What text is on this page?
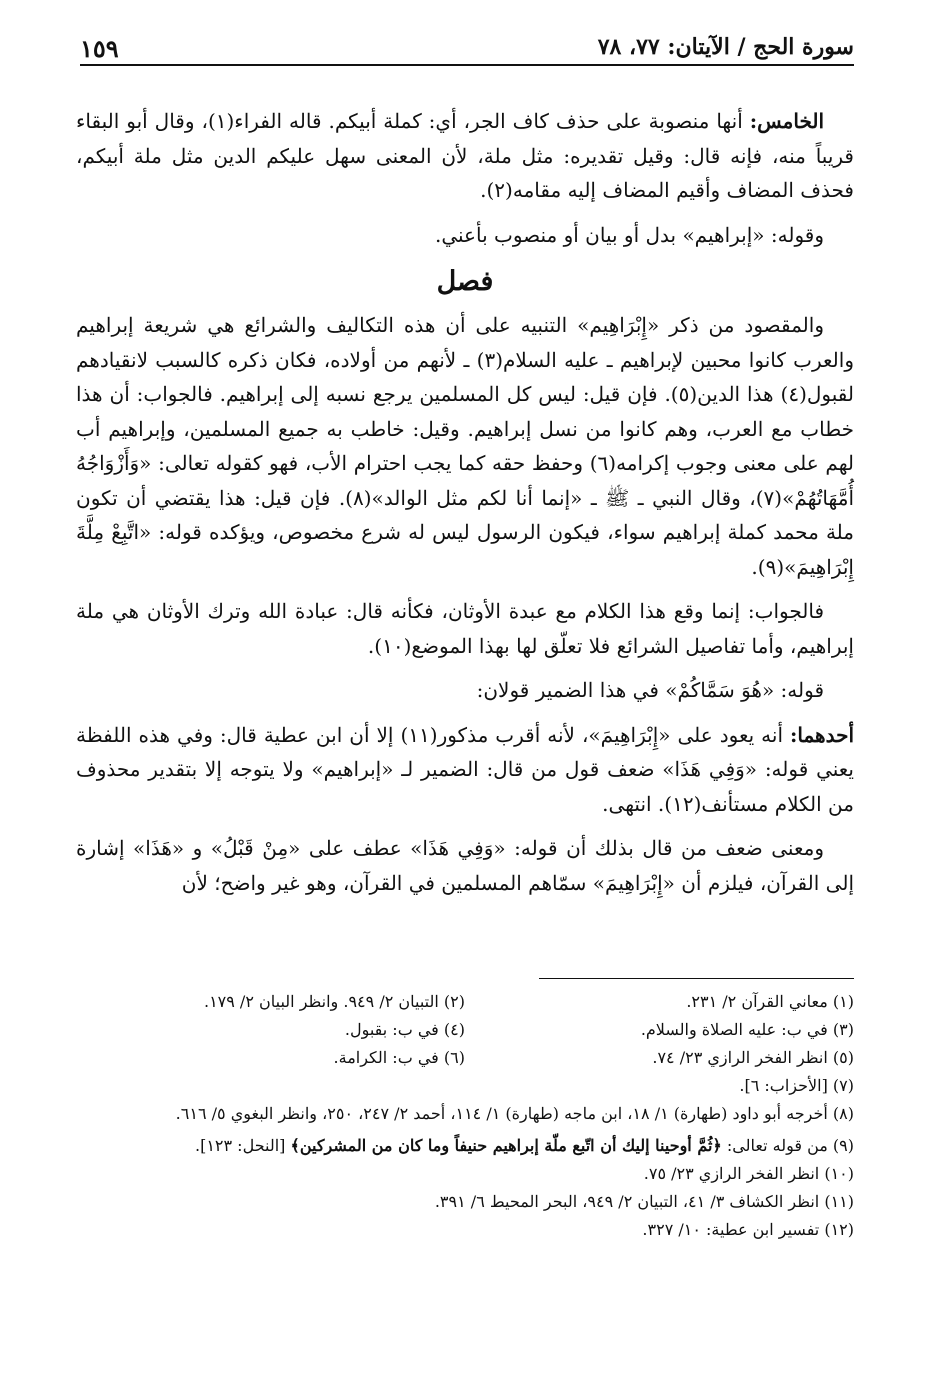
سورة الحج / الآيتان: ٧٧، ٧٨
١٥٩

الخامس: أنها منصوبة على حذف كاف الجر، أي: كملة أبيكم. قاله الفراء(١)، وقال أبو البقاء قريباً منه، فإنه قال: وقيل تقديره: مثل ملة، لأن المعنى سهل عليكم الدين مثل ملة أبيكم، فحذف المضاف وأقيم المضاف إليه مقامه(٢).

وقوله: «إبراهيم» بدل أو بيان أو منصوب بأعني.

فصل

والمقصود من ذكر «إِبْرَاهِيم» التنبيه على أن هذه التكاليف والشرائع هي شريعة إبراهيم والعرب كانوا محبين لإبراهيم ـ عليه السلام(٣) ـ لأنهم من أولاده، فكان ذكره كالسبب لانقيادهم لقبول(٤) هذا الدين(٥). فإن قيل: ليس كل المسلمين يرجع نسبه إلى إبراهيم. فالجواب: أن هذا خطاب مع العرب، وهم كانوا من نسل إبراهيم. وقيل: خاطب به جميع المسلمين، وإبراهيم أب لهم على معنى وجوب إكرامه(٦) وحفظ حقه كما يجب احترام الأب، فهو كقوله تعالى: «وَأَزْوَاجُهُ أُمَّهَاتُهُمْ»(٧)، وقال النبي ـ ﷺ ـ «إنما أنا لكم مثل الوالد»(٨). فإن قيل: هذا يقتضي أن تكون ملة محمد كملة إبراهيم سواء، فيكون الرسول ليس له شرع مخصوص، ويؤكده قوله: «اتَّبِعْ مِلَّةَ إِبْرَاهِيمَ»(٩).

فالجواب: إنما وقع هذا الكلام مع عبدة الأوثان، فكأنه قال: عبادة الله وترك الأوثان هي ملة إبراهيم، وأما تفاصيل الشرائع فلا تعلّق لها بهذا الموضع(١٠).

قوله: «هُوَ سَمَّاكُمْ» في هذا الضمير قولان:

أحدهما: أنه يعود على «إِبْرَاهِيمَ»، لأنه أقرب مذكور(١١) إلا أن ابن عطية قال: وفي هذه اللفظة يعني قوله: «وَفِي هَذَا» ضعف قول من قال: الضمير لـ «إبراهيم» ولا يتوجه إلا بتقدير محذوف من الكلام مستأنف(١٢). انتهى.

ومعنى ضعف من قال بذلك أن قوله: «وَفِي هَذَا» عطف على «مِنْ قَبْلُ» و «هَذَا» إشارة إلى القرآن، فيلزم أن «إِبْرَاهِيمَ» سمّاهم المسلمين في القرآن، وهو غير واضح؛ لأن

(١) معاني القرآن ٢/ ٢٣١.
(٢) التبيان ٢/ ٩٤٩. وانظر البيان ٢/ ١٧٩.
(٣) في ب: عليه الصلاة والسلام.
(٤) في ب: بقبول.
(٥) انظر الفخر الرازي ٢٣/ ٧٤.
(٦) في ب: الكرامة.

(٧) [الأحزاب: ٦].

(٨) أخرجه أبو داود (طهارة) ١/ ١٨، ابن ماجه (طهارة) ١/ ١١٤، أحمد ٢/ ٢٤٧، ٢٥٠، وانظر البغوي ٥/ ٦١٦.

(٩) من قوله تعالى: ﴿ثُمَّ أوحينا إليك أن اتّبع ملّة إبراهيم حنيفاً وما كان من المشركين﴾ [النحل: ١٢٣].

(١٠) انظر الفخر الرازي ٢٣/ ٧٥.

(١١) انظر الكشاف ٣/ ٤١، التبيان ٢/ ٩٤٩، البحر المحيط ٦/ ٣٩١.

(١٢) تفسير ابن عطية: ١٠/ ٣٢٧.
